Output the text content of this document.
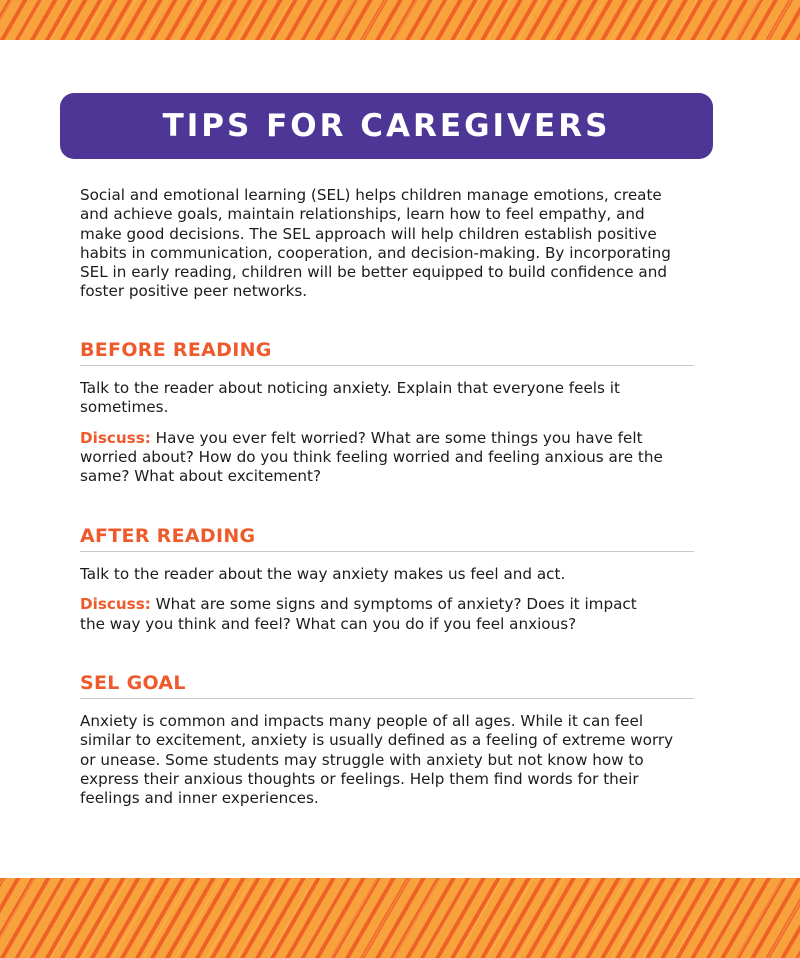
TIPS FOR CAREGIVERS

Social and emotional learning (SEL) helps children manage emotions, create and achieve goals, maintain relationships, learn how to feel empathy, and make good decisions. The SEL approach will help children establish positive habits in communication, cooperation, and decision-making. By incorporating SEL in early reading, children will be better equipped to build confidence and foster positive peer networks.

BEFORE READING

Talk to the reader about noticing anxiety. Explain that everyone feels it sometimes.

Discuss: Have you ever felt worried? What are some things you have felt worried about? How do you think feeling worried and feeling anxious are the same? What about excitement?

AFTER READING

Talk to the reader about the way anxiety makes us feel and act.

Discuss: What are some signs and symptoms of anxiety? Does it impact the way you think and feel? What can you do if you feel anxious?

SEL GOAL

Anxiety is common and impacts many people of all ages. While it can feel similar to excitement, anxiety is usually defined as a feeling of extreme worry or unease. Some students may struggle with anxiety but not know how to express their anxious thoughts or feelings. Help them find words for their feelings and inner experiences.
